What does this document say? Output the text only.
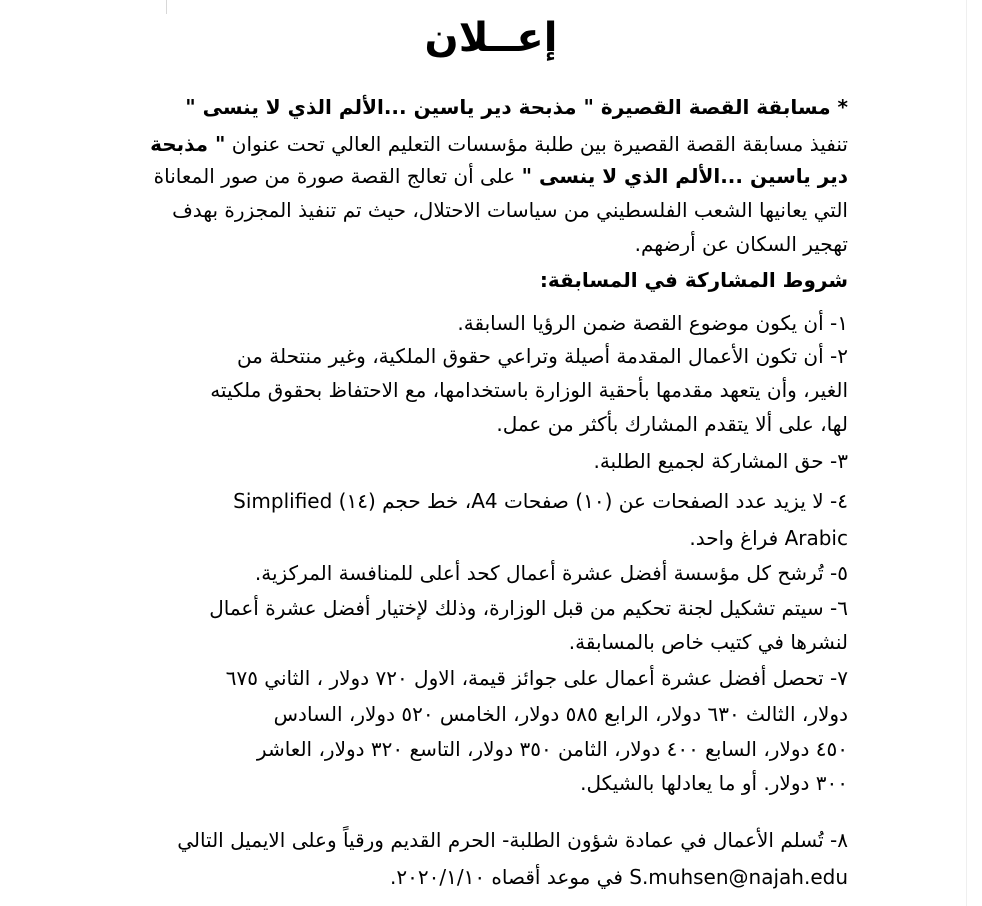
إعــلان
* مسابقة القصة القصيرة " مذبحة دير ياسين ...الألم الذي لا ينسى "
تنفيذ مسابقة القصة القصيرة بين طلبة مؤسسات التعليم العالي تحت عنوان " مذبحة
دير ياسين ...الألم الذي لا ينسى " على أن تعالج القصة صورة من صور المعاناة
التي يعانيها الشعب الفلسطيني من سياسات الاحتلال، حيث تم تنفيذ المجزرة بهدف
تهجير السكان عن أرضهم.
شروط المشاركة في المسابقة:
١- أن يكون موضوع القصة ضمن الرؤيا السابقة.
٢- أن تكون الأعمال المقدمة أصيلة وتراعي حقوق الملكية، وغير منتحلة من
الغير، وأن يتعهد مقدمها بأحقية الوزارة باستخدامها، مع الاحتفاظ بحقوق ملكيته
لها، على ألا يتقدم المشارك بأكثر من عمل.
٣- حق المشاركة لجميع الطلبة.
٤- لا يزيد عدد الصفحات عن (١٠) صفحات A4، خط حجم (١٤) Simplified
Arabic فراغ واحد.
٥- تُرشح كل مؤسسة أفضل عشرة أعمال كحد أعلى للمنافسة المركزية.
٦- سيتم تشكيل لجنة تحكيم من قبل الوزارة، وذلك لإختيار أفضل عشرة أعمال
لنشرها في كتيب خاص بالمسابقة.
٧- تحصل أفضل عشرة أعمال على جوائز قيمة، الاول ٧٢٠ دولار ، الثاني ٦٧٥
دولار، الثالث ٦٣٠ دولار، الرابع ٥٨٥ دولار، الخامس ٥٢٠ دولار، السادس
٤٥٠ دولار، السابع ٤٠٠ دولار، الثامن ٣٥٠ دولار، التاسع ٣٢٠ دولار، العاشر
٣٠٠ دولار. أو ما يعادلها بالشيكل.
٨- تُسلم الأعمال في عمادة شؤون الطلبة- الحرم القديم ورقياً وعلى الايميل التالي
S.muhsen@najah.edu في موعد أقصاه ٢٠٢٠/١/١٠.
